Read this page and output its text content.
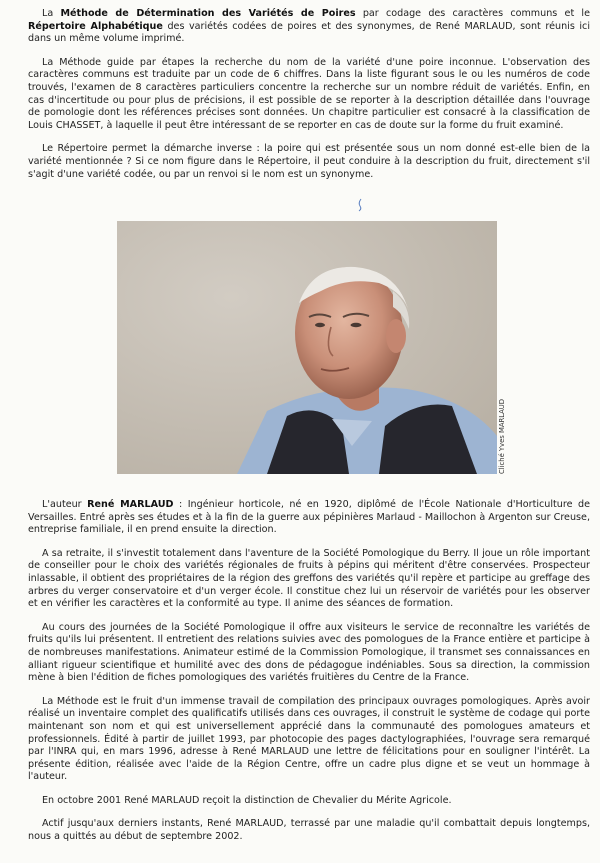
La Méthode de Détermination des Variétés de Poires par codage des caractères communs et le Répertoire Alphabétique des variétés codées de poires et des synonymes, de René MARLAUD, sont réunis ici dans un même volume imprimé.

La Méthode guide par étapes la recherche du nom de la variété d'une poire inconnue. L'observation des caractères communs est traduite par un code de 6 chiffres. Dans la liste figurant sous le ou les numéros de code trouvés, l'examen de 8 caractères particuliers concentre la recherche sur un nombre réduit de variétés. Enfin, en cas d'incertitude ou pour plus de précisions, il est possible de se reporter à la description détaillée dans l'ouvrage de pomologie dont les références précises sont données. Un chapitre particulier est consacré à la classification de Louis CHASSET, à laquelle il peut être intéressant de se reporter en cas de doute sur la forme du fruit examiné.

Le Répertoire permet la démarche inverse : la poire qui est présentée sous un nom donné est-elle bien de la variété mentionnée ? Si ce nom figure dans le Répertoire, il peut conduire à la description du fruit, directement s'il s'agit d'une variété codée, ou par un renvoi si le nom est un synonyme.

Cliché Yves MARLAUD

L'auteur René MARLAUD : Ingénieur horticole, né en 1920, diplômé de l'École Nationale d'Horticulture de Versailles. Entré après ses études et à la fin de la guerre aux pépinières Marlaud - Maillochon à Argenton sur Creuse, entreprise familiale, il en prend ensuite la direction.

A sa retraite, il s'investit totalement dans l'aventure de la Société Pomologique du Berry. Il joue un rôle important de conseiller pour le choix des variétés régionales de fruits à pépins qui méritent d'être conservées. Prospecteur inlassable, il obtient des propriétaires de la région des greffons des variétés qu'il repère et participe au greffage des arbres du verger conservatoire et d'un verger école. Il constitue chez lui un réservoir de variétés pour les observer et en vérifier les caractères et la conformité au type. Il anime des séances de formation.

Au cours des journées de la Société Pomologique il offre aux visiteurs le service de reconnaître les variétés de fruits qu'ils lui présentent. Il entretient des relations suivies avec des pomologues de la France entière et participe à de nombreuses manifestations. Animateur estimé de la Commission Pomologique, il transmet ses connaissances en alliant rigueur scientifique et humilité avec des dons de pédagogue indéniables. Sous sa direction, la commission mène à bien l'édition de fiches pomologiques des variétés fruitières du Centre de la France.

La Méthode est le fruit d'un immense travail de compilation des principaux ouvrages pomologiques. Après avoir réalisé un inventaire complet des qualificatifs utilisés dans ces ouvrages, il construit le système de codage qui porte maintenant son nom et qui est universellement apprécié dans la communauté des pomologues amateurs et professionnels. Édité à partir de juillet 1993, par photocopie des pages dactylographiées, l'ouvrage sera remarqué par l'INRA qui, en mars 1996, adresse à René MARLAUD une lettre de félicitations pour en souligner l'intérêt. La présente édition, réalisée avec l'aide de la Région Centre, offre un cadre plus digne et se veut un hommage à l'auteur.

En octobre 2001 René MARLAUD reçoit la distinction de Chevalier du Mérite Agricole.

Actif jusqu'aux derniers instants, René MARLAUD, terrassé par une maladie qu'il combattait depuis longtemps, nous a quittés au début de septembre 2002.
